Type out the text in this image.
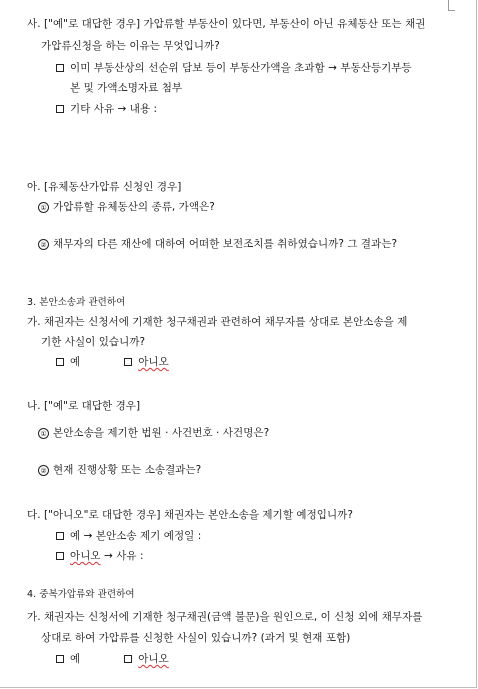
사. ["예"로 대답한 경우] 가압류할 부동산이 있다면, 부동산이 아닌 유체동산 또는 채권
가압류신청을 하는 이유는 무엇입니까?
이미 부동산상의 선순위 담보 등이 부동산가액을 초과함 → 부동산등기부등
본 및 가액소명자료 첨부
기타 사유 → 내용 :
아. [유체동산가압류 신청인 경우]
① 가압류할 유체동산의 종류, 가액은?
② 채무자의 다른 재산에 대하여 어떠한 보전조치를 취하였습니까? 그 결과는?
3. 본안소송과 관련하여
가. 채권자는 신청서에 기재한 청구채권과 관련하여 채무자를 상대로 본안소송을 제
기한 사실이 있습니까?
예	아니오
나. ["예"로 대답한 경우]
① 본안소송을 제기한 법원 · 사건번호 · 사건명은?
② 현재 진행상황 또는 소송결과는?
다. ["아니오"로 대답한 경우] 채권자는 본안소송을 제기할 예정입니까?
예 → 본안소송 제기 예정일 :
아니오 → 사유 :
4. 중복가압류와 관련하여
가. 채권자는 신청서에 기재한 청구채권(금액 불문)을 원인으로, 이 신청 외에 채무자를
상대로 하여 가압류를 신청한 사실이 있습니까? (과거 및 현재 포함)
예	아니오
